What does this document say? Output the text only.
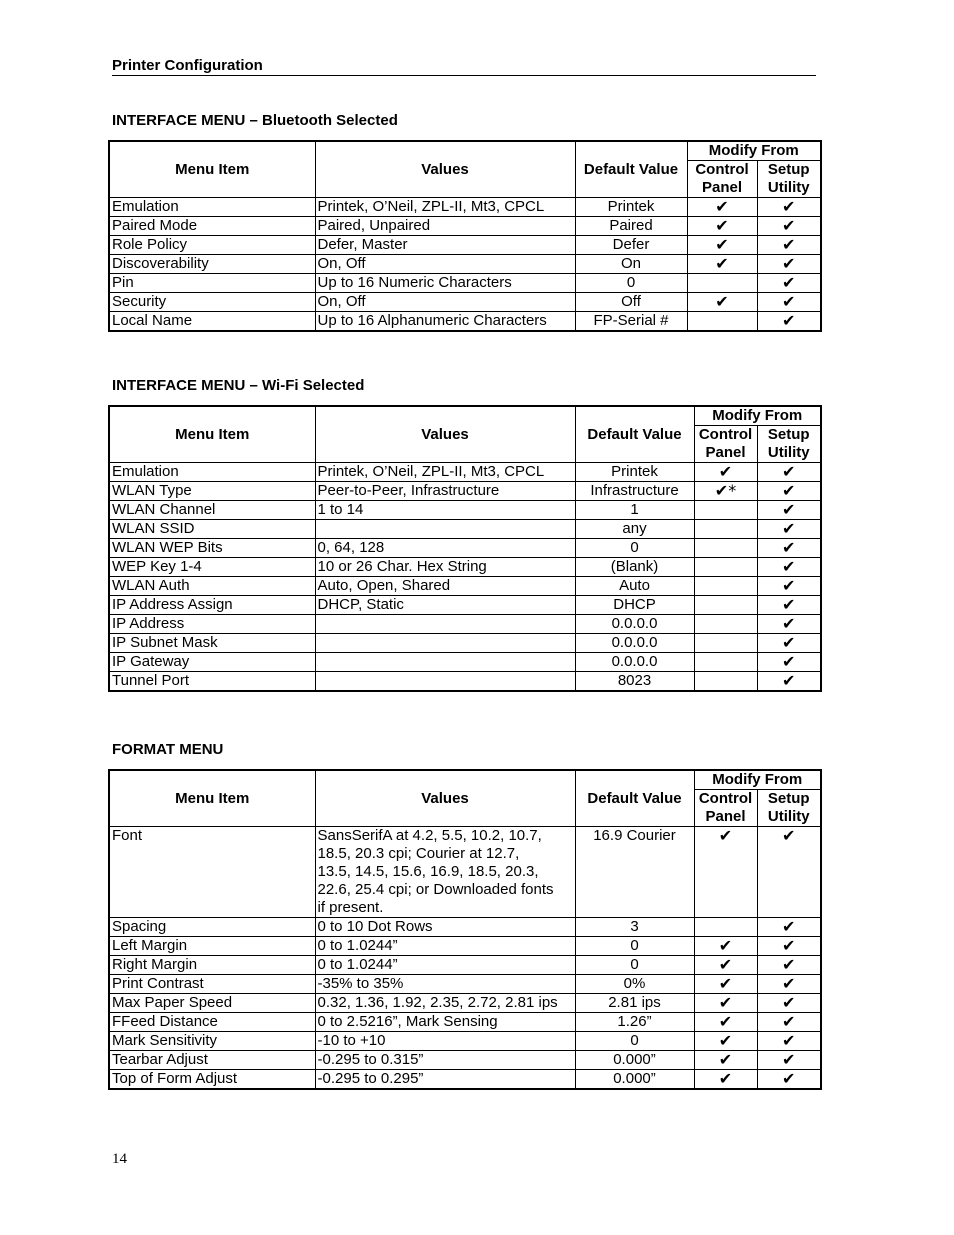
Printer Configuration
INTERFACE MENU – Bluetooth Selected
Menu Item	Values	Default Value	Modify From	
			Control Panel	Setup Utility
Emulation	Printek, O’Neil, ZPL-II, Mt3, CPCL	Printek	✔	✔
Paired Mode	Paired, Unpaired	Paired	✔	✔
Role Policy	Defer, Master	Defer	✔	✔
Discoverability	On, Off	On	✔	✔
Pin	Up to 16 Numeric Characters	0		✔
Security	On, Off	Off	✔	✔
Local Name	Up to 16 Alphanumeric Characters	FP-Serial #		✔
INTERFACE MENU – Wi-Fi Selected
Menu Item	Values	Default Value	Modify From	
			Control Panel	Setup Utility
Emulation	Printek, O’Neil, ZPL-II, Mt3, CPCL	Printek	✔	✔
WLAN Type	Peer-to-Peer, Infrastructure	Infrastructure	✔*	✔
WLAN Channel	1 to 14	1		✔
WLAN SSID		any		✔
WLAN WEP Bits	0, 64, 128	0		✔
WEP Key 1-4	10 or 26 Char. Hex String	(Blank)		✔
WLAN Auth	Auto, Open, Shared	Auto		✔
IP Address Assign	DHCP, Static	DHCP		✔
IP Address		0.0.0.0		✔
IP Subnet Mask		0.0.0.0		✔
IP Gateway		0.0.0.0		✔
Tunnel Port		8023		✔
FORMAT MENU
Menu Item	Values	Default Value	Modify From	
			Control Panel	Setup Utility
Font	SansSerifA at 4.2, 5.5, 10.2, 10.7,
18.5, 20.3 cpi; Courier at 12.7,
13.5, 14.5, 15.6, 16.9, 18.5, 20.3,
22.6, 25.4 cpi; or Downloaded fonts
if present.	16.9 Courier	✔	✔
Spacing	0 to 10 Dot Rows	3		✔
Left Margin	0 to 1.0244”	0	✔	✔
Right Margin	0 to 1.0244”	0	✔	✔
Print Contrast	-35% to 35%	0%	✔	✔
Max Paper Speed	0.32, 1.36, 1.92, 2.35, 2.72, 2.81 ips	2.81 ips	✔	✔
FFeed Distance	0 to 2.5216”, Mark Sensing	1.26”	✔	✔
Mark Sensitivity	-10 to +10	0	✔	✔
Tearbar Adjust	-0.295 to 0.315”	0.000”	✔	✔
Top of Form Adjust	-0.295 to 0.295”	0.000”	✔	✔
14
